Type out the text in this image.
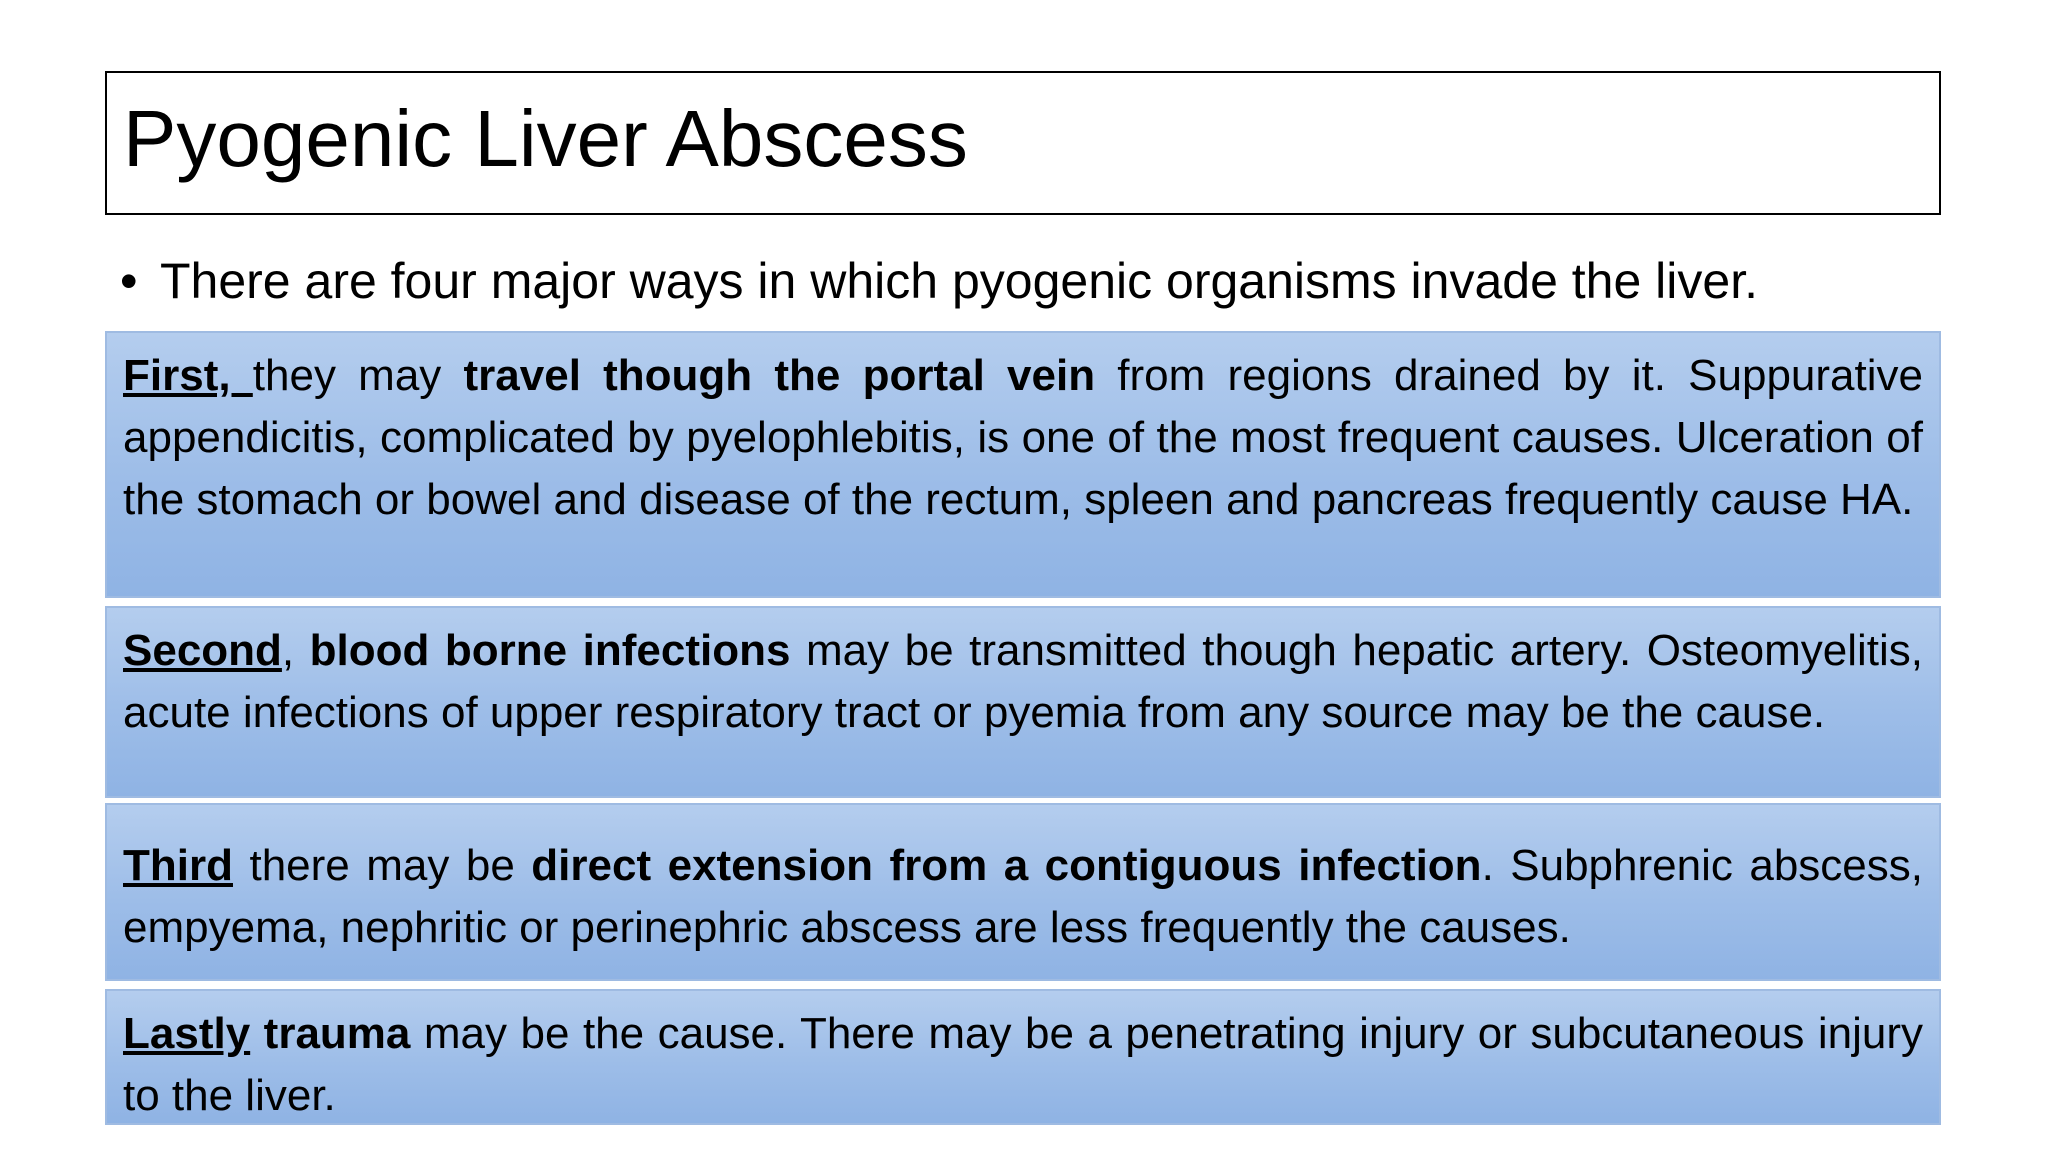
Pyogenic Liver Abscess
• There are four major ways in which pyogenic organisms invade the liver.

First, they may travel though the portal vein from regions drained by it. Suppurative appendicitis, complicated by pyelophlebitis, is one of the most frequent causes. Ulceration of the stomach or bowel and disease of the rectum, spleen and pancreas frequently cause HA.

Second, blood borne infections may be transmitted though hepatic artery. Osteomyelitis, acute infections of upper respiratory tract or pyemia from any source may be the cause.

Third there may be direct extension from a contiguous infection. Subphrenic abscess, empyema, nephritic or perinephric abscess are less frequently the causes.

Lastly trauma may be the cause. There may be a penetrating injury or subcutaneous injury to the liver.
